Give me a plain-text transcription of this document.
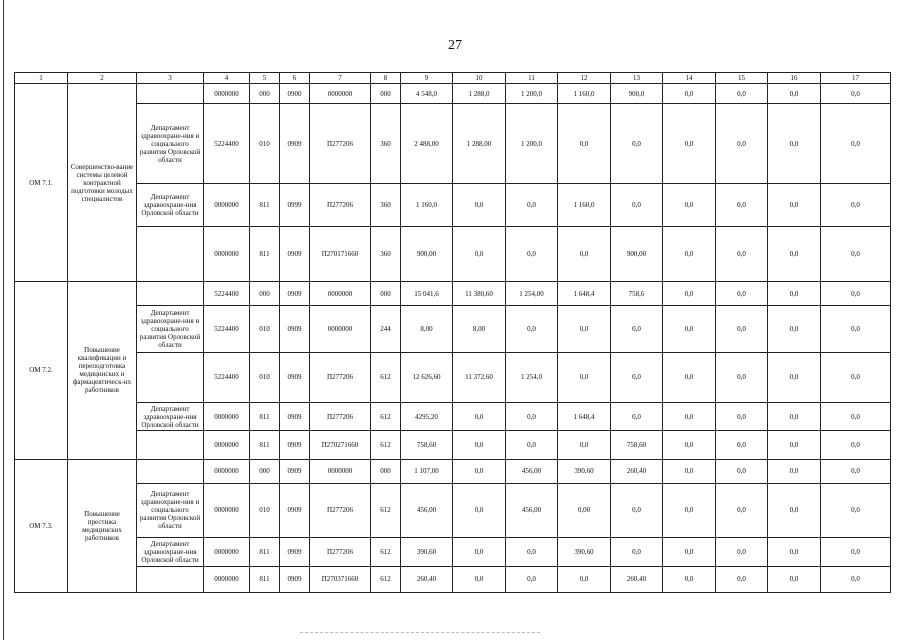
27
1	2	3	4	5	6	7	8	9	10	11	12	13	14	15	16	17
ОМ 7.1.	Совершенство-вание системы целевой контрактной подготовки молодых специалистов		0000000	000	0900	0000000	000	4 548,0	1 288,0	1 200,0	1 160,0	900,0	0,0	0,0	0,0	0,0
		Департамент здравоохране-ния и социального развития Орловской области	5224400	010	0909	П277206	360	2 488,00	1 288,00	1 200,0	0,0	0,0	0,0	0,0	0,0	0,0
		Департамент здравоохране-ния Орловской области	0000000	811	0999	П277206	360	1 160,0	0,0	0,0	1 160,0	0,0	0,0	0,0	0,0	0,0
			0000000	811	0909	П270171660	360	900,00	0,0	0,0	0,0	900,00	0,0	0,0	0,0	0,0
ОМ 7.2.	Повышение квалификации и переподготовка медицинских и фармацевтическ-их работников		5224400	000	0909	0000000	000	15 041,6	11 380,60	1 254,00	1 648,4	758,6	0,0	0,0	0,0	0,0
		Департамент здравоохране-ния и социального развития Орловской области	5224400	010	0909	0000000	244	8,00	8,00	0,0	0,0	0,0	0,0	0,0	0,0	0,0
			5224400	010	0909	П277206	612	12 626,60	11 372,60	1 254,0	0,0	0,0	0,0	0,0	0,0	0,0
		Департамент здравоохране-ния Орловской области	0000000	811	0909	П277206	612	4295,20	0,0	0,0	1 648,4	0,0	0,0	0,0	0,0	0,0
			0000000	811	0909	П270271660	612	758,60	0,0	0,0	0,0	758,60	0,0	0,0	0,0	0,0
ОМ 7.3.	Повышение престижа медицинских работников		0000000	000	0909	0000000	000	1 107,00	0,0	456,00	390,60	260,40	0,0	0,0	0,0	0,0
		Департамент здравоохране-ния и социального развития Орловской области	0000000	010	0909	П277206	612	456,00	0,0	456,00	0,00	0,0	0,0	0,0	0,0	0,0
		Департамент здравоохране-ния Орловской области	0000000	811	0909	П277206	612	390,60	0,0	0,0	390,60	0,0	0,0	0,0	0,0	0,0
			0000000	811	0909	П270371660	612	260,40	0,0	0,0	0,0	260,40	0,0	0,0	0,0	0,0
